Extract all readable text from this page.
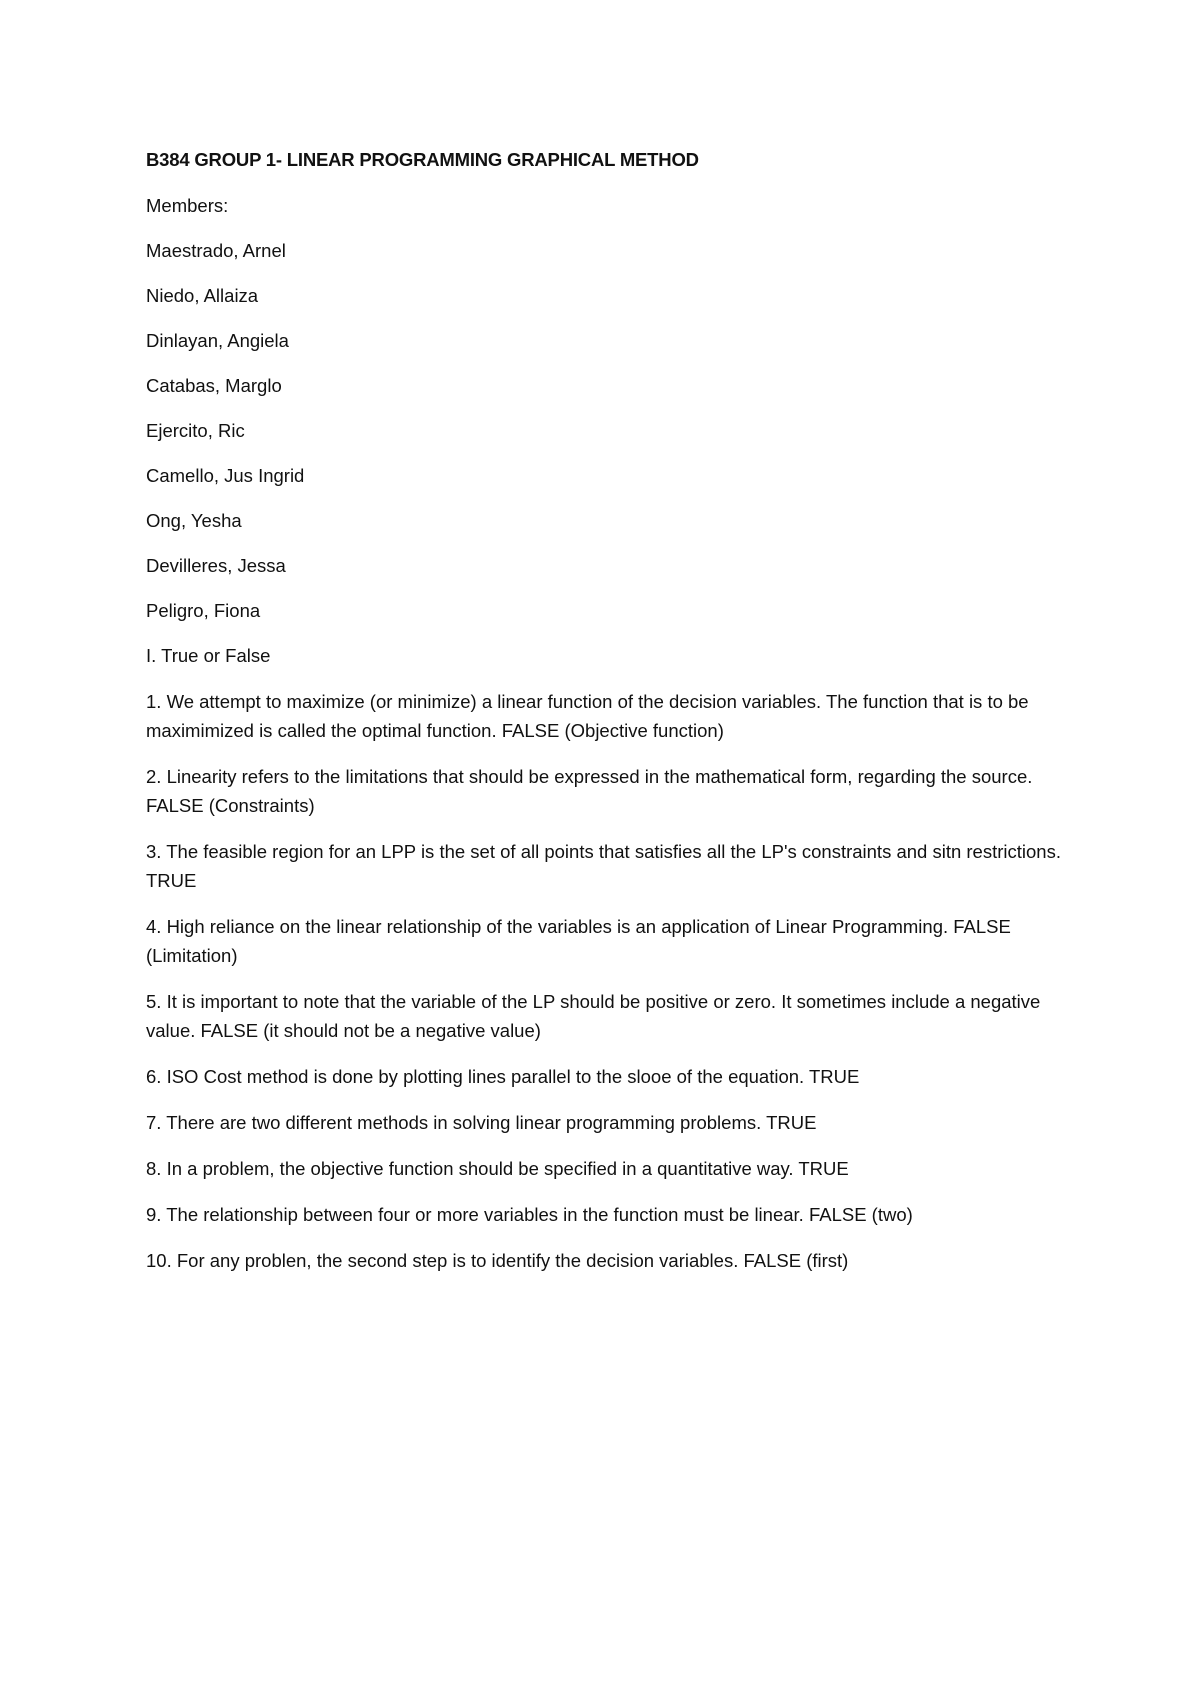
B384 GROUP 1- LINEAR PROGRAMMING GRAPHICAL METHOD
Members:
Maestrado, Arnel
Niedo, Allaiza
Dinlayan, Angiela
Catabas, Marglo
Ejercito, Ric
Camello, Jus Ingrid
Ong, Yesha
Devilleres, Jessa
Peligro, Fiona
I. True or False
1. We attempt to maximize (or minimize) a linear function of the decision variables. The function that is to be maximimized is called the optimal function. FALSE (Objective function)
2. Linearity refers to the limitations that should be expressed in the mathematical form, regarding the source. FALSE (Constraints)
3. The feasible region for an LPP is the set of all points that satisfies all the LP's constraints and sitn restrictions. TRUE
4. High reliance on the linear relationship of the variables is an application of Linear Programming. FALSE (Limitation)
5. It is important to note that the variable of the LP should be positive or zero. It sometimes include a negative value. FALSE (it should not be a negative value)
6. ISO Cost method is done by plotting lines parallel to the slooe of the equation. TRUE
7. There are two different methods in solving linear programming problems. TRUE
8. In a problem, the objective function should be specified in a quantitative way. TRUE
9. The relationship between four or more variables in the function must be linear. FALSE (two)
10. For any problen, the second step is to identify the decision variables. FALSE (first)
